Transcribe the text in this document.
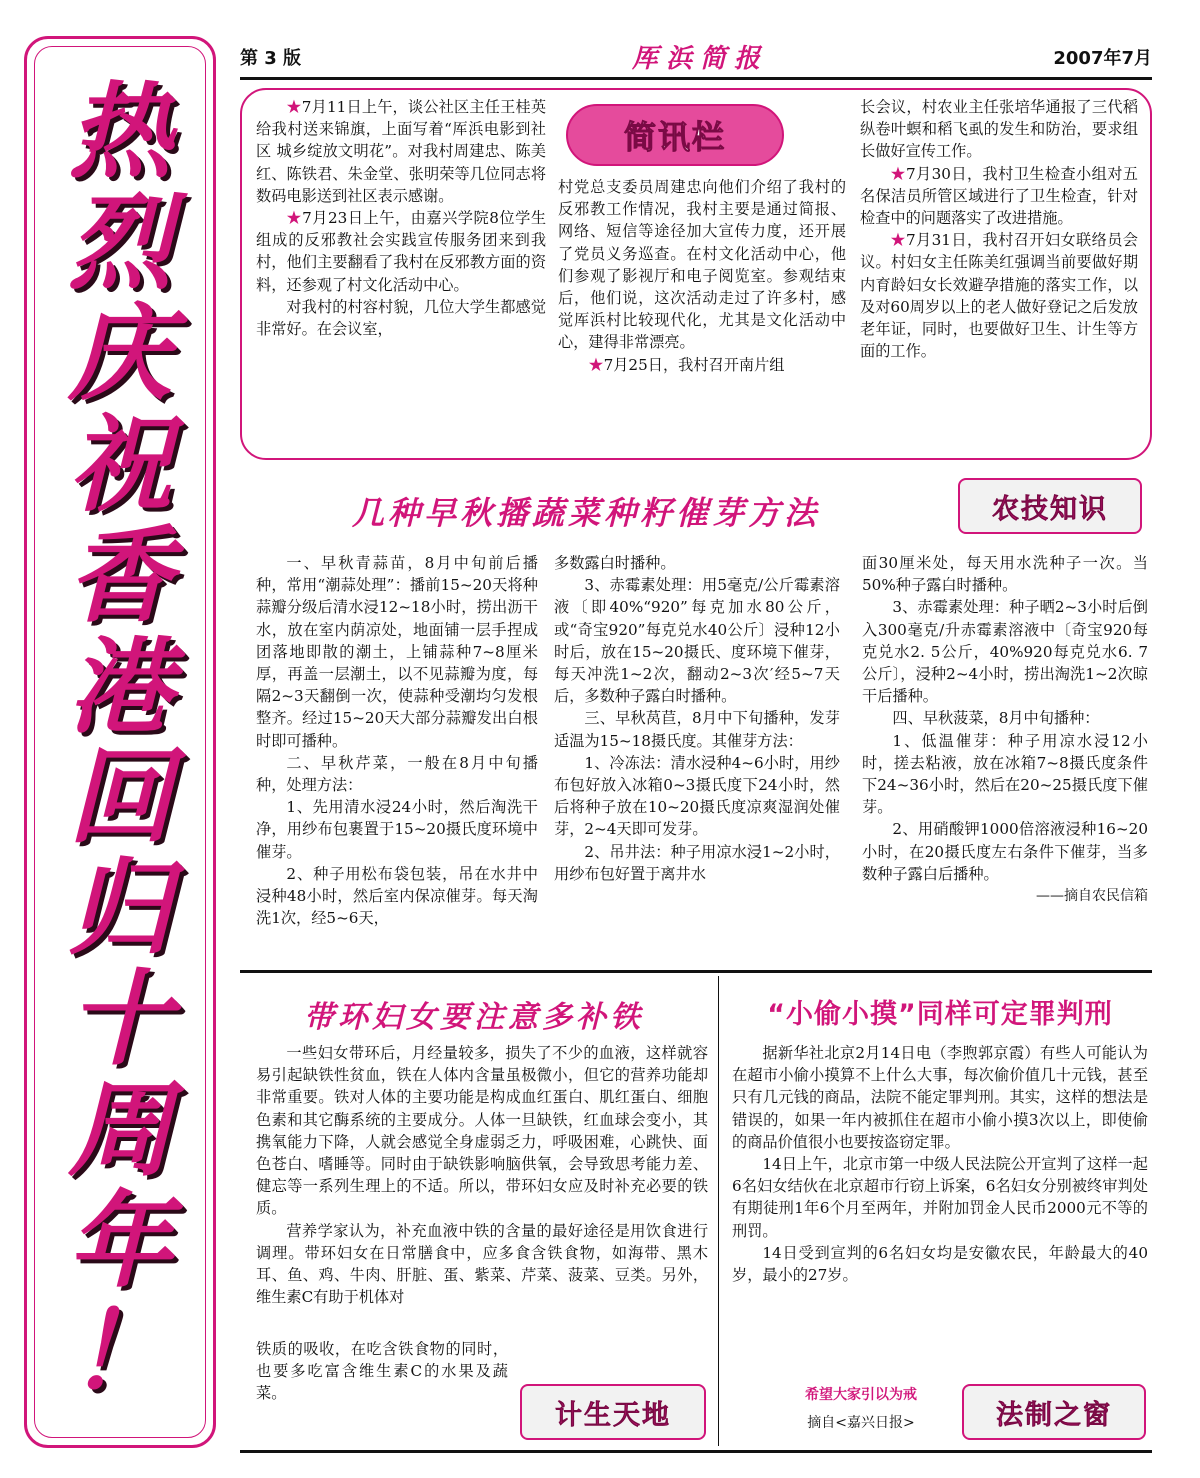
热
烈
庆
祝
香
港
回
归
十
周
年
！
第 3 版	厍浜简报	2007年7月
简讯栏

★7月11日上午，谈公社区主任王桂英给我村送来锦旗，上面写着“厍浜电影到社区 城乡绽放文明花”。对我村周建忠、陈美红、陈铁君、朱金堂、张明荣等几位同志将数码电影送到社区表示感谢。

★7月23日上午，由嘉兴学院8位学生组成的反邪教社会实践宣传服务团来到我村，他们主要翻看了我村在反邪教方面的资料，还参观了村文化活动中心。

对我村的村容村貌，几位大学生都感觉非常好。在会议室，

村党总支委员周建忠向他们介绍了我村的反邪教工作情况，我村主要是通过简报、网络、短信等途径加大宣传力度，还开展了党员义务巡查。在村文化活动中心，他们参观了影视厅和电子阅览室。参观结束后，他们说，这次活动走过了许多村，感觉厍浜村比较现代化，尤其是文化活动中心，建得非常漂亮。

★7月25日，我村召开南片组

长会议，村农业主任张培华通报了三代稻纵卷叶螟和稻飞虱的发生和防治，要求组长做好宣传工作。

★7月30日，我村卫生检查小组对五名保洁员所管区域进行了卫生检查，针对检查中的问题落实了改进措施。

★7月31日，我村召开妇女联络员会议。村妇女主任陈美红强调当前要做好期内育龄妇女长效避孕措施的落实工作，以及对60周岁以上的老人做好登记之后发放老年证，同时，也要做好卫生、计生等方面的工作。

几种早秋播蔬菜种籽催芽方法	农技知识

一、早秋青蒜苗，8月中旬前后播种，常用“潮蒜处理”：播前15~20天将种蒜瓣分级后清水浸12~18小时，捞出沥干水，放在室内荫凉处，地面铺一层手捏成团落地即散的潮土，上铺蒜种7~8厘米厚，再盖一层潮土，以不见蒜瓣为度，每隔2~3天翻倒一次，使蒜种受潮均匀发根整齐。经过15~20天大部分蒜瓣发出白根时即可播种。

二、早秋芹菜，一般在8月中旬播种，处理方法：

1、先用清水浸24小时，然后淘洗干净，用纱布包裹置于15~20摄氏度环境中催芽。

2、种子用松布袋包装，吊在水井中浸种48小时，然后室内保凉催芽。每天淘洗1次，经5~6天，

多数露白时播种。

3、赤霉素处理：用5毫克/公斤霉素溶液〔即40%“920”每克加水80公斤，或“奇宝920”每克兑水40公斤〕浸种12小时后，放在15~20摄氏、度环境下催芽，每天冲洗1~2次，翻动2~3次′经5~7天后，多数种子露白时播种。

三、早秋莴苣，8月中下旬播种，发芽适温为15~18摄氏度。其催芽方法：

1、冷冻法：清水浸种4~6小时，用纱布包好放入冰箱0~3摄氏度下24小时，然后将种子放在10~20摄氏度凉爽湿润处催芽，2~4天即可发芽。

2、吊井法：种子用凉水浸1~2小时，用纱布包好置于离井水

面30厘米处，每天用水洗种子一次。当50%种子露白时播种。

3、赤霉素处理：种子晒2~3小时后倒入300毫克/升赤霉素溶液中〔奇宝920每克兑水2. 5公斤，40%920每克兑水6. 7公斤〕，浸种2~4小时，捞出淘洗1~2次晾干后播种。

四、早秋菠菜，8月中旬播种：

1、低温催芽：种子用凉水浸12小时，搓去粘液，放在冰箱7~8摄氏度条件下24~36小时，然后在20~25摄氏度下催芽。

2、用硝酸钾1000倍溶液浸种16~20小时，在20摄氏度左右条件下催芽，当多数种子露白后播种。

——摘自农民信箱
带环妇女要注意多补铁

一些妇女带环后，月经量较多，损失了不少的血液，这样就容易引起缺铁性贫血，铁在人体内含量虽极微小，但它的营养功能却非常重要。铁对人体的主要功能是构成血红蛋白、肌红蛋白、细胞色素和其它酶系统的主要成分。人体一旦缺铁，红血球会变小，其携氧能力下降，人就会感觉全身虚弱乏力，呼吸困难，心跳快、面色苍白、嗜睡等。同时由于缺铁影响脑供氧，会导致思考能力差、健忘等一系列生理上的不适。所以，带环妇女应及时补充必要的铁质。

营养学家认为，补充血液中铁的含量的最好途径是用饮食进行调理。带环妇女在日常膳食中，应多食含铁食物，如海带、黑木耳、鱼、鸡、牛肉、肝脏、蛋、紫菜、芹菜、菠菜、豆类。另外，维生素C有助于机体对

铁质的吸收，在吃含铁食物的同时，也要多吃富含维生素C的水果及蔬菜。

计生天地
“小偷小摸”同样可定罪判刑

据新华社北京2月14日电（李煦郭京霞）有些人可能认为在超市小偷小摸算不上什么大事，每次偷价值几十元钱，甚至只有几元钱的商品，法院不能定罪判刑。其实，这样的想法是错误的，如果一年内被抓住在超市小偷小摸3次以上，即使偷的商品价值很小也要按盗窃定罪。

14日上午，北京市第一中级人民法院公开宣判了这样一起6名妇女结伙在北京超市行窃上诉案，6名妇女分别被终审判处有期徒刑1年6个月至两年，并附加罚金人民币2000元不等的刑罚。

14日受到宣判的6名妇女均是安徽农民，年龄最大的40岁，最小的27岁。

希望大家引以为戒
摘自<嘉兴日报>	法制之窗
